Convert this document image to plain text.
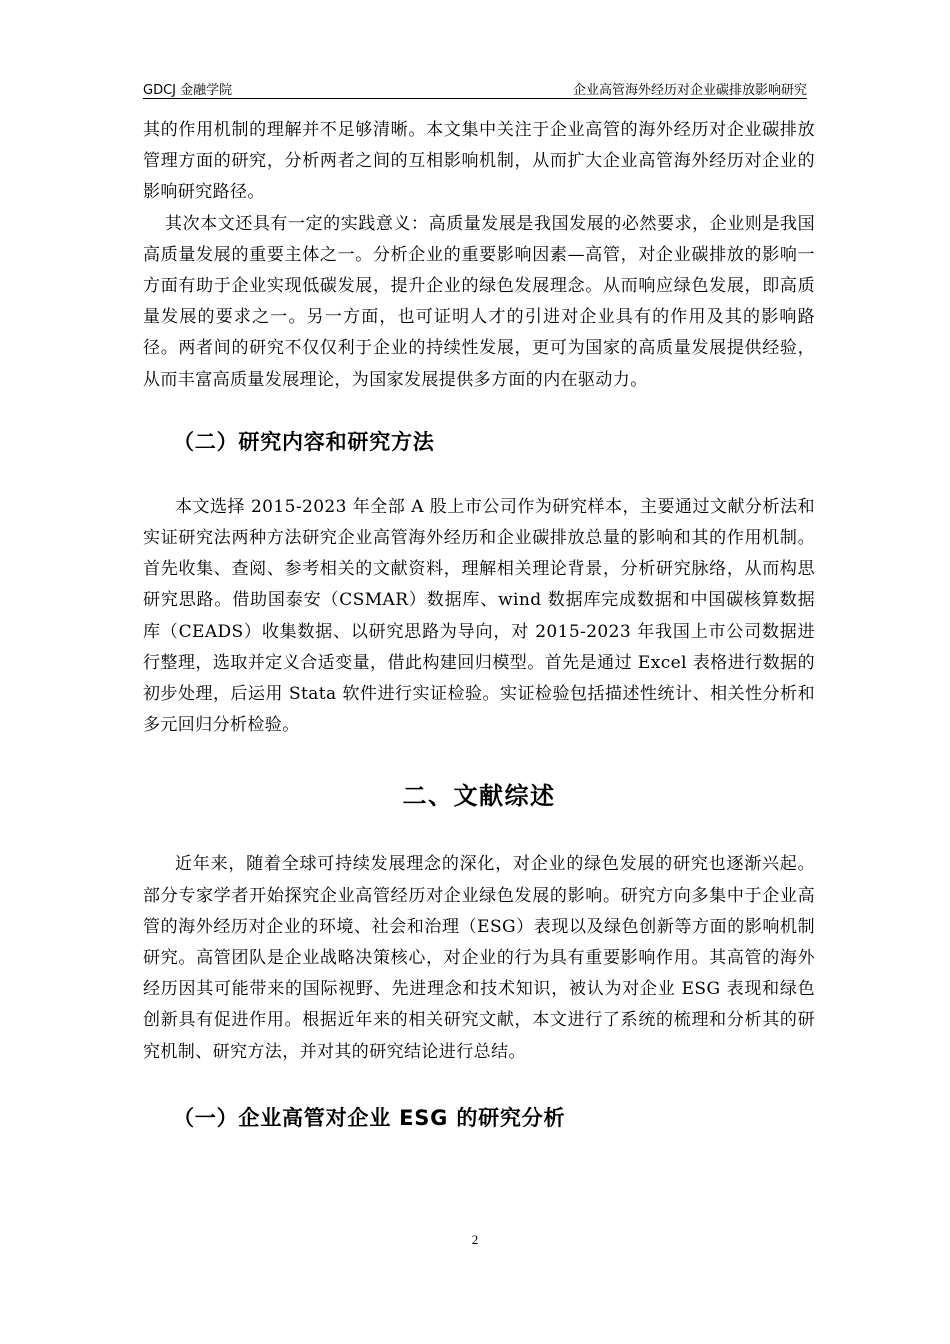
GDCJ 金融学院	企业高管海外经历对企业碳排放影响研究

其的作用机制的理解并不足够清晰。本文集中关注于企业高管的海外经历对企业碳排放管理方面的研究，分析两者之间的互相影响机制，从而扩大企业高管海外经历对企业的影响研究路径。

其次本文还具有一定的实践意义：高质量发展是我国发展的必然要求，企业则是我国高质量发展的重要主体之一。分析企业的重要影响因素—高管，对企业碳排放的影响一方面有助于企业实现低碳发展，提升企业的绿色发展理念。从而响应绿色发展，即高质量发展的要求之一。另一方面，也可证明人才的引进对企业具有的作用及其的影响路径。两者间的研究不仅仅利于企业的持续性发展，更可为国家的高质量发展提供经验，从而丰富高质量发展理论，为国家发展提供多方面的内在驱动力。

（二）研究内容和研究方法

本文选择 2015-2023 年全部 A 股上市公司作为研究样本，主要通过文献分析法和实证研究法两种方法研究企业高管海外经历和企业碳排放总量的影响和其的作用机制。首先收集、查阅、参考相关的文献资料，理解相关理论背景，分析研究脉络，从而构思研究思路。借助国泰安（CSMAR）数据库、wind 数据库完成数据和中国碳核算数据库（CEADS）收集数据、以研究思路为导向，对 2015-2023 年我国上市公司数据进行整理，选取并定义合适变量，借此构建回归模型。首先是通过 Excel 表格进行数据的初步处理，后运用 Stata 软件进行实证检验。实证检验包括描述性统计、相关性分析和多元回归分析检验。

二、文献综述

近年来，随着全球可持续发展理念的深化，对企业的绿色发展的研究也逐渐兴起。部分专家学者开始探究企业高管经历对企业绿色发展的影响。研究方向多集中于企业高管的海外经历对企业的环境、社会和治理（ESG）表现以及绿色创新等方面的影响机制研究。高管团队是企业战略决策核心，对企业的行为具有重要影响作用。其高管的海外经历因其可能带来的国际视野、先进理念和技术知识，被认为对企业 ESG 表现和绿色创新具有促进作用。根据近年来的相关研究文献，本文进行了系统的梳理和分析其的研究机制、研究方法，并对其的研究结论进行总结。

（一）企业高管对企业 ESG 的研究分析
2
